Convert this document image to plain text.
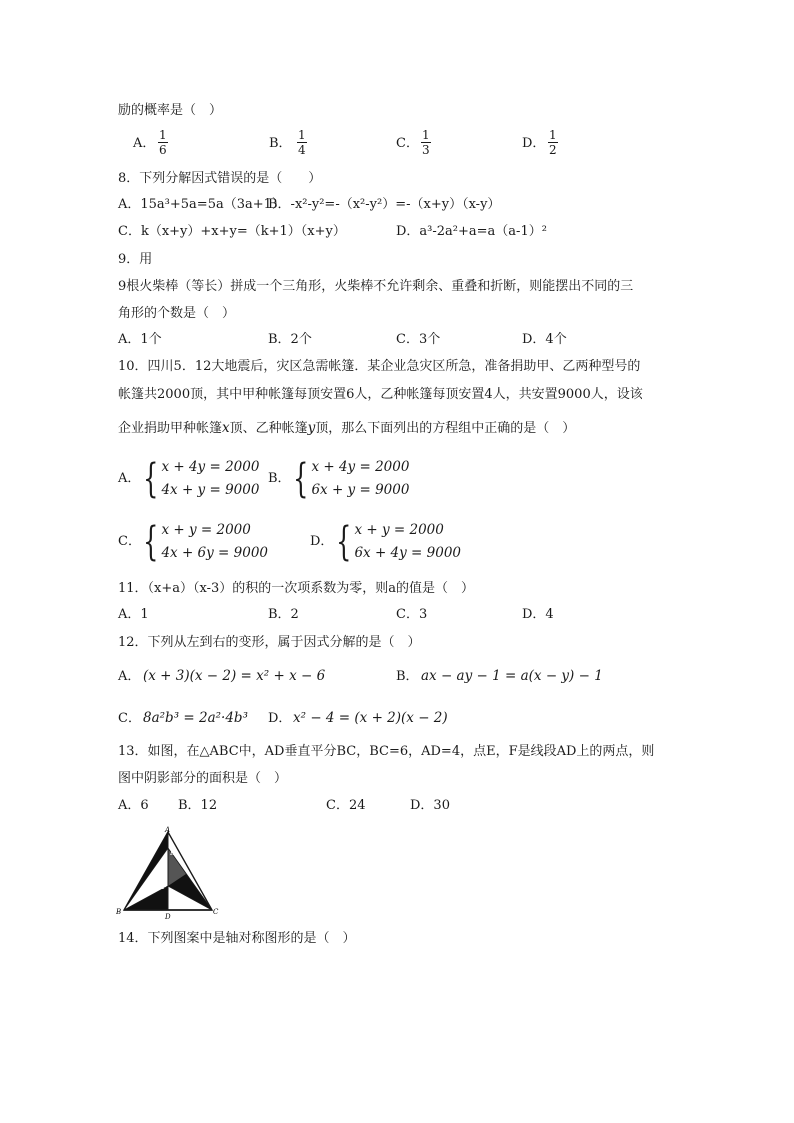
励的概率是（　）
A．
1
6	B．
1
4	C．
1
3	D．
1
2
8．下列分解因式错误的是（　　）
A．15a³+5a=5a（3a+1）
B．-x²-y²=-（x²-y²）=-（x+y）（x-y）
C．k（x+y）+x+y=（k+1）（x+y）	D．a³-2a²+a=a（a-1）²
9．用
9根火柴棒（等长）拼成一个三角形，火柴棒不允许剩余、重叠和折断，则能摆出不同的三
角形的个数是（　）
A．1个	B．2个	C．3个	D．4个
10．四川5．12大地震后，灾区急需帐篷．某企业急灾区所急，准备捐助甲、乙两种型号的
帐篷共2000顶，其中甲种帐篷每顶安置6人，乙种帐篷每顶安置4人，共安置9000人，设该
企业捐助甲种帐篷x顶、乙种帐篷y顶，那么下面列出的方程组中正确的是（　）
A． { x + 4y = 2000
4x + y = 9000
B． { x + 4y = 2000
6x + y = 9000
C． { x + y = 2000
4x + 6y = 9000
D． { x + y = 2000
6x + 4y = 9000
11．（x+a）（x-3）的积的一次项系数为零，则a的值是（　）
A．1	B．2	C．3	D．4
12．下列从左到右的变形，属于因式分解的是（　）
A． (x + 3)(x − 2) = x² + x − 6	B． ax − ay − 1 = a(x − y) − 1
C． 8a²b³ = 2a²·4b³ D． x² − 4 = (x + 2)(x − 2)
13．如图，在△ABC中，AD垂直平分BC，BC=6，AD=4，点E，F是线段AD上的两点，则
图中阴影部分的面积是（　）
A．6 B．12	C．24	D．30
A
B	C
D
E
F
14．下列图案中是轴对称图形的是（　）
